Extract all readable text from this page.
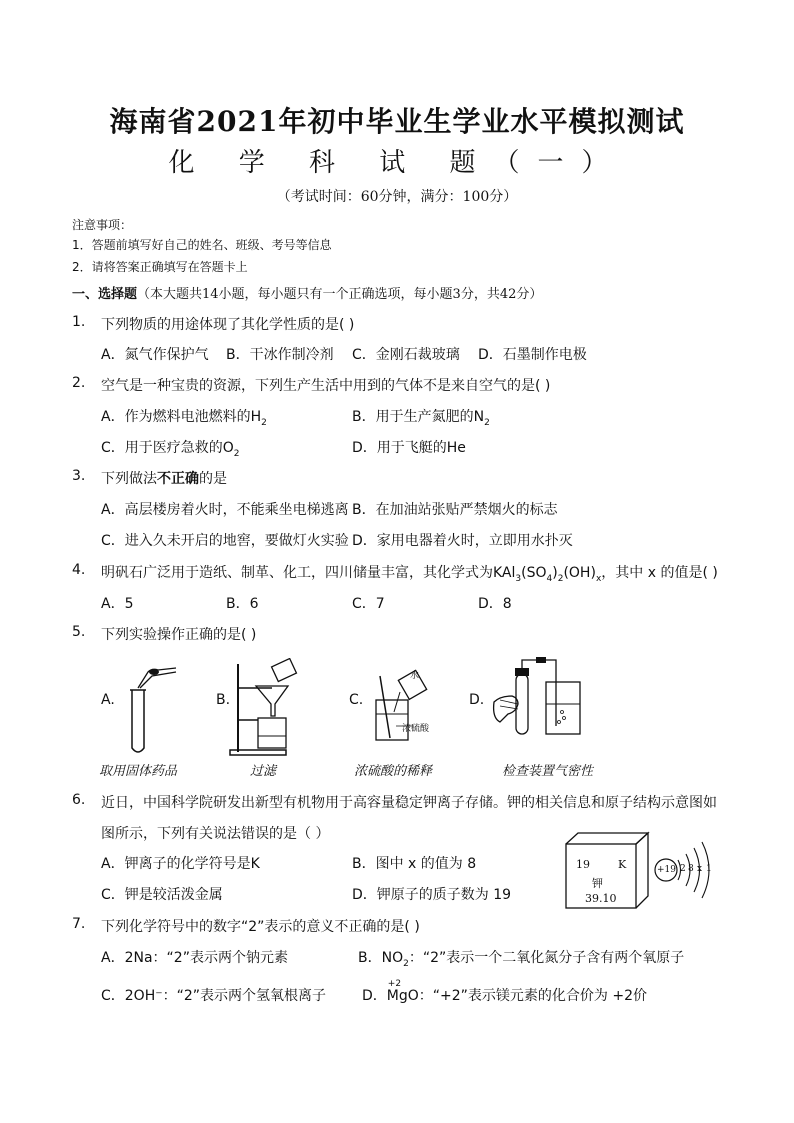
海南省2021年初中毕业生学业水平模拟测试
化 学 科 试 题（一）
（考试时间：60分钟，满分：100分）
注意事项：
1．答题前填写好自己的姓名、班级、考号等信息
2．请将答案正确填写在答题卡上
一、选择题（本大题共14小题，每小题只有一个正确选项，每小题3分，共42分）
1. 下列物质的用途体现了其化学性质的是( )
A．氮气作保护气 B．干冰作制冷剂 C．金刚石裁玻璃 D．石墨制作电极
2. 空气是一种宝贵的资源，下列生产生活中用到的气体不是来自空气的是( )
A．作为燃料电池燃料的$H_2$	B．用于生产氮肥的$N_2$
C．用于医疗急救的$O_2$	D．用于飞艇的He
3. 下列做法不正确的是
A．高层楼房着火时，不能乘坐电梯逃离 B．在加油站张贴严禁烟火的标志
C．进入久未开启的地窖，要做灯火实验 D．家用电器着火时，立即用水扑灭
4. 明矾石广泛用于造纸、制革、化工，四川储量丰富，其化学式为$KAl_3(SO_4)_2(OH)_x$，其中 x 的值是( )
A．5	B．6	C．7	D．8
5. 下列实验操作正确的是( )
A.	B.	C.	D.
水
浓硫酸
取用固体药品	过滤	浓硫酸的稀释	检查装置气密性
6. 近日，中国科学院研发出新型有机物用于高容量稳定钾离子存储。钾的相关信息和原子结构示意图如
图所示，下列有关说法错误的是（ ）
A．钾离子的化学符号是K	B．图中 x 的值为 8
C．钾是较活泼金属	D．钾原子的质子数为 19
19	K
钾
39.10
+19 2 8 x 1
7. 下列化学符号中的数字“2”表示的意义不正确的是( )
A．2Na：“2”表示两个钠元素	B．$NO_2$：“2”表示一个二氧化氮分子含有两个氧原子
C．2OH⁻：“2”表示两个氢氧根离子	D．
+2
MgO：“+2”表示镁元素的化合价为 +2价
